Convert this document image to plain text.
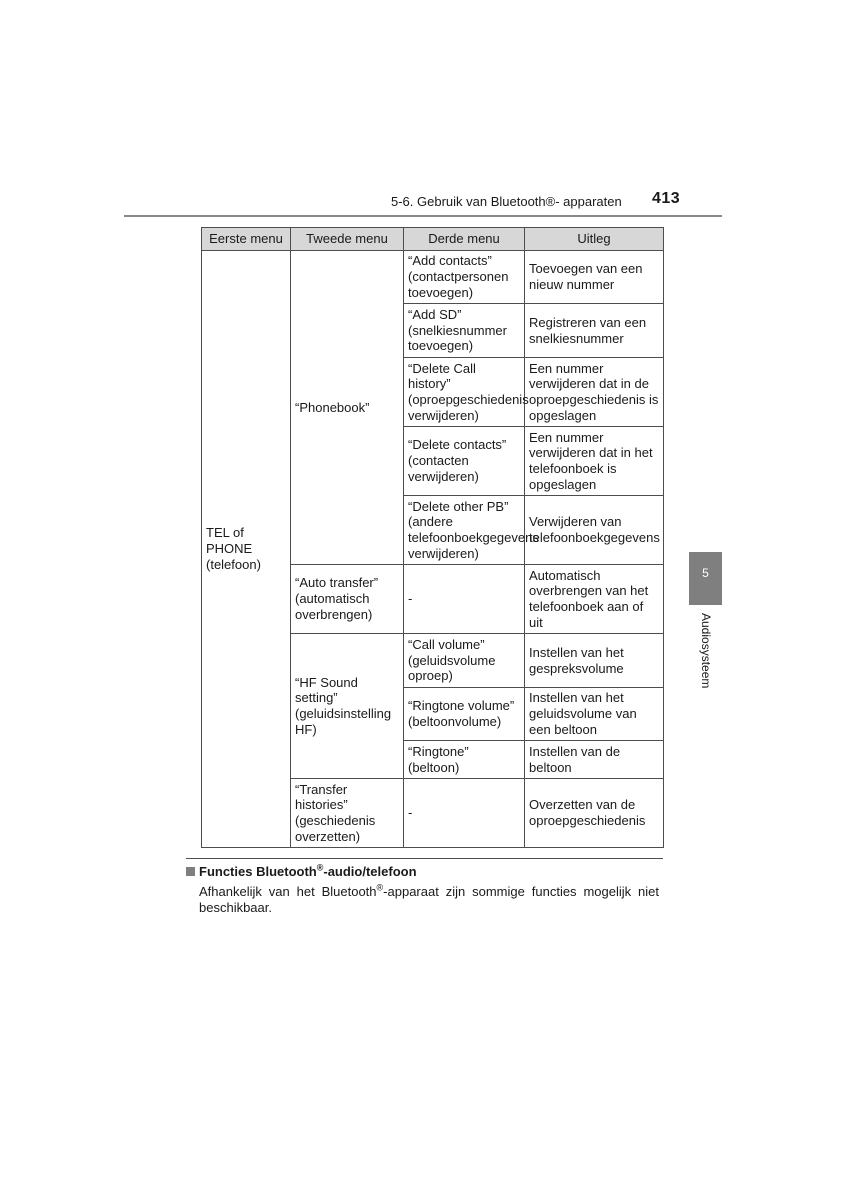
5-6. Gebruik van Bluetooth®- apparaten 413
5
Audiosysteem
Eerste menu	Tweede menu	Derde menu	Uitleg
TEL of PHONE (telefoon)	“Phonebook”	“Add contacts” (contactpersonen toevoegen)	Toevoegen van een nieuw nummer
		“Add SD” (snelkiesnummer toevoegen)	Registreren van een snelkiesnummer
		“Delete Call history” (oproepgeschiedenis verwijderen)	Een nummer verwijderen dat in de oproepgeschiedenis is opgeslagen
		“Delete contacts” (contacten verwijderen)	Een nummer verwijderen dat in het telefoonboek is opgeslagen
		“Delete other PB” (andere telefoonboekgegevens verwijderen)	Verwijderen van telefoonboekgegevens
	“Auto transfer” (automatisch overbrengen)	-	Automatisch overbrengen van het telefoonboek aan of uit
	“HF Sound setting” (geluidsinstelling HF)	“Call volume” (geluidsvolume oproep)	Instellen van het gespreksvolume
		“Ringtone volume” (beltoonvolume)	Instellen van het geluidsvolume van een beltoon
		“Ringtone” (beltoon)	Instellen van de beltoon
	“Transfer histories” (geschiedenis overzetten)	-	Overzetten van de oproepgeschiedenis
Functies Bluetooth®-audio/telefoon
Afhankelijk van het Bluetooth®-apparaat zijn sommige functies mogelijk niet beschikbaar.
